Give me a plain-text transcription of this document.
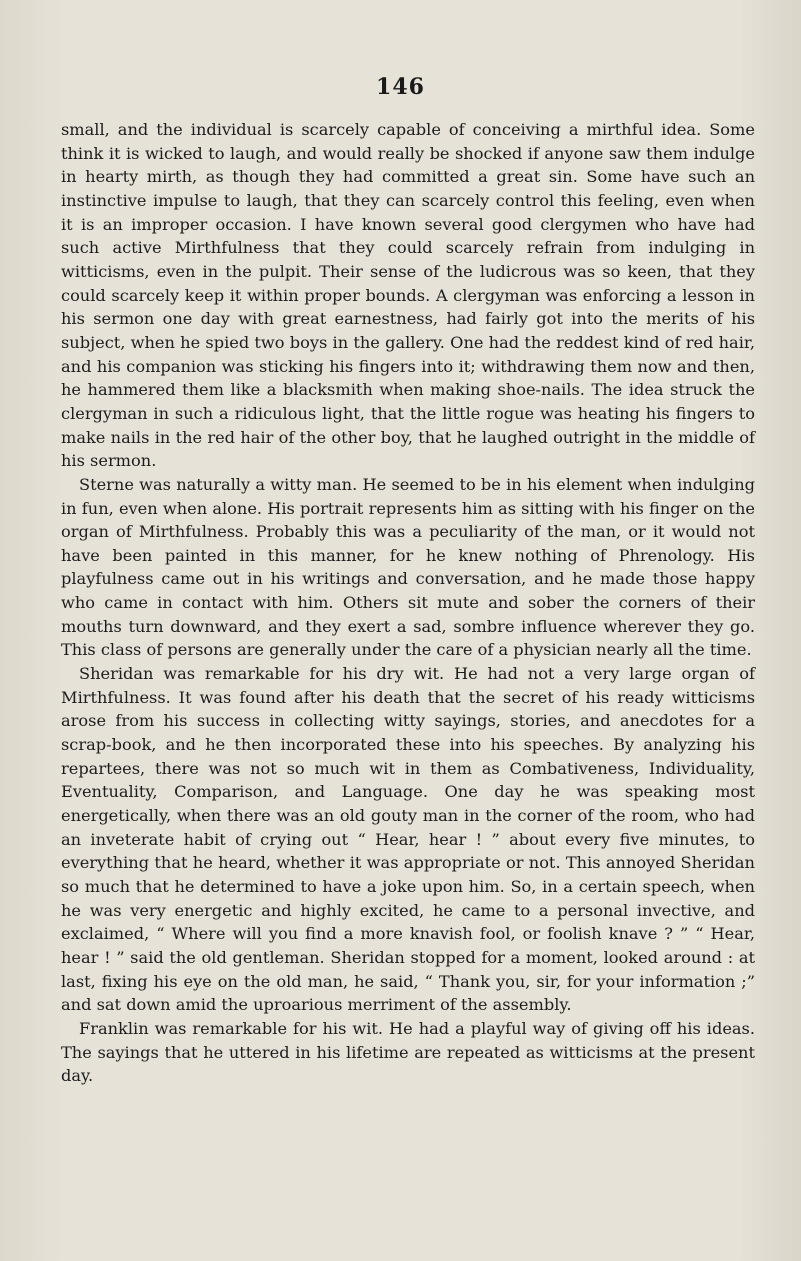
146

small, and the individual is scarcely capable of conceiving a mirthful idea. Some think it is wicked to laugh, and would really be shocked if anyone saw them indulge in hearty mirth, as though they had committed a great sin. Some have such an instinctive impulse to laugh, that they can scarcely control this feeling, even when it is an improper occasion. I have known several good clergymen who have had such active Mirthfulness that they could scarcely refrain from indulging in witticisms, even in the pulpit. Their sense of the ludicrous was so keen, that they could scarcely keep it within proper bounds. A clergyman was enforcing a lesson in his sermon one day with great earnestness, had fairly got into the merits of his subject, when he spied two boys in the gallery. One had the reddest kind of red hair, and his companion was sticking his fingers into it; withdrawing them now and then, he hammered them like a blacksmith when making shoe-nails. The idea struck the clergyman in such a ridiculous light, that the little rogue was heating his fingers to make nails in the red hair of the other boy, that he laughed outright in the middle of his sermon.

Sterne was naturally a witty man. He seemed to be in his element when indulging in fun, even when alone. His portrait represents him as sitting with his finger on the organ of Mirthfulness. Probably this was a peculiarity of the man, or it would not have been painted in this manner, for he knew nothing of Phrenology. His playfulness came out in his writings and conversation, and he made those happy who came in contact with him. Others sit mute and sober the corners of their mouths turn downward, and they exert a sad, sombre influence wherever they go. This class of persons are generally under the care of a physician nearly all the time.

Sheridan was remarkable for his dry wit. He had not a very large organ of Mirthfulness. It was found after his death that the secret of his ready witticisms arose from his success in collecting witty sayings, stories, and anecdotes for a scrap-book, and he then incorporated these into his speeches. By analyzing his repartees, there was not so much wit in them as Combativeness, Individuality, Eventuality, Comparison, and Language. One day he was speaking most energetically, when there was an old gouty man in the corner of the room, who had an inveterate habit of crying out “ Hear, hear ! ” about every five minutes, to everything that he heard, whether it was appropriate or not. This annoyed Sheridan so much that he determined to have a joke upon him. So, in a certain speech, when he was very energetic and highly excited, he came to a personal invective, and exclaimed, “ Where will you find a more knavish fool, or foolish knave ? ” “ Hear, hear ! ” said the old gentleman. Sheridan stopped for a moment, looked around : at last, fixing his eye on the old man, he said, “ Thank you, sir, for your information ;” and sat down amid the uproarious merriment of the assembly.

Franklin was remarkable for his wit. He had a playful way of giving off his ideas. The sayings that he uttered in his lifetime are repeated as witticisms at the present day.
